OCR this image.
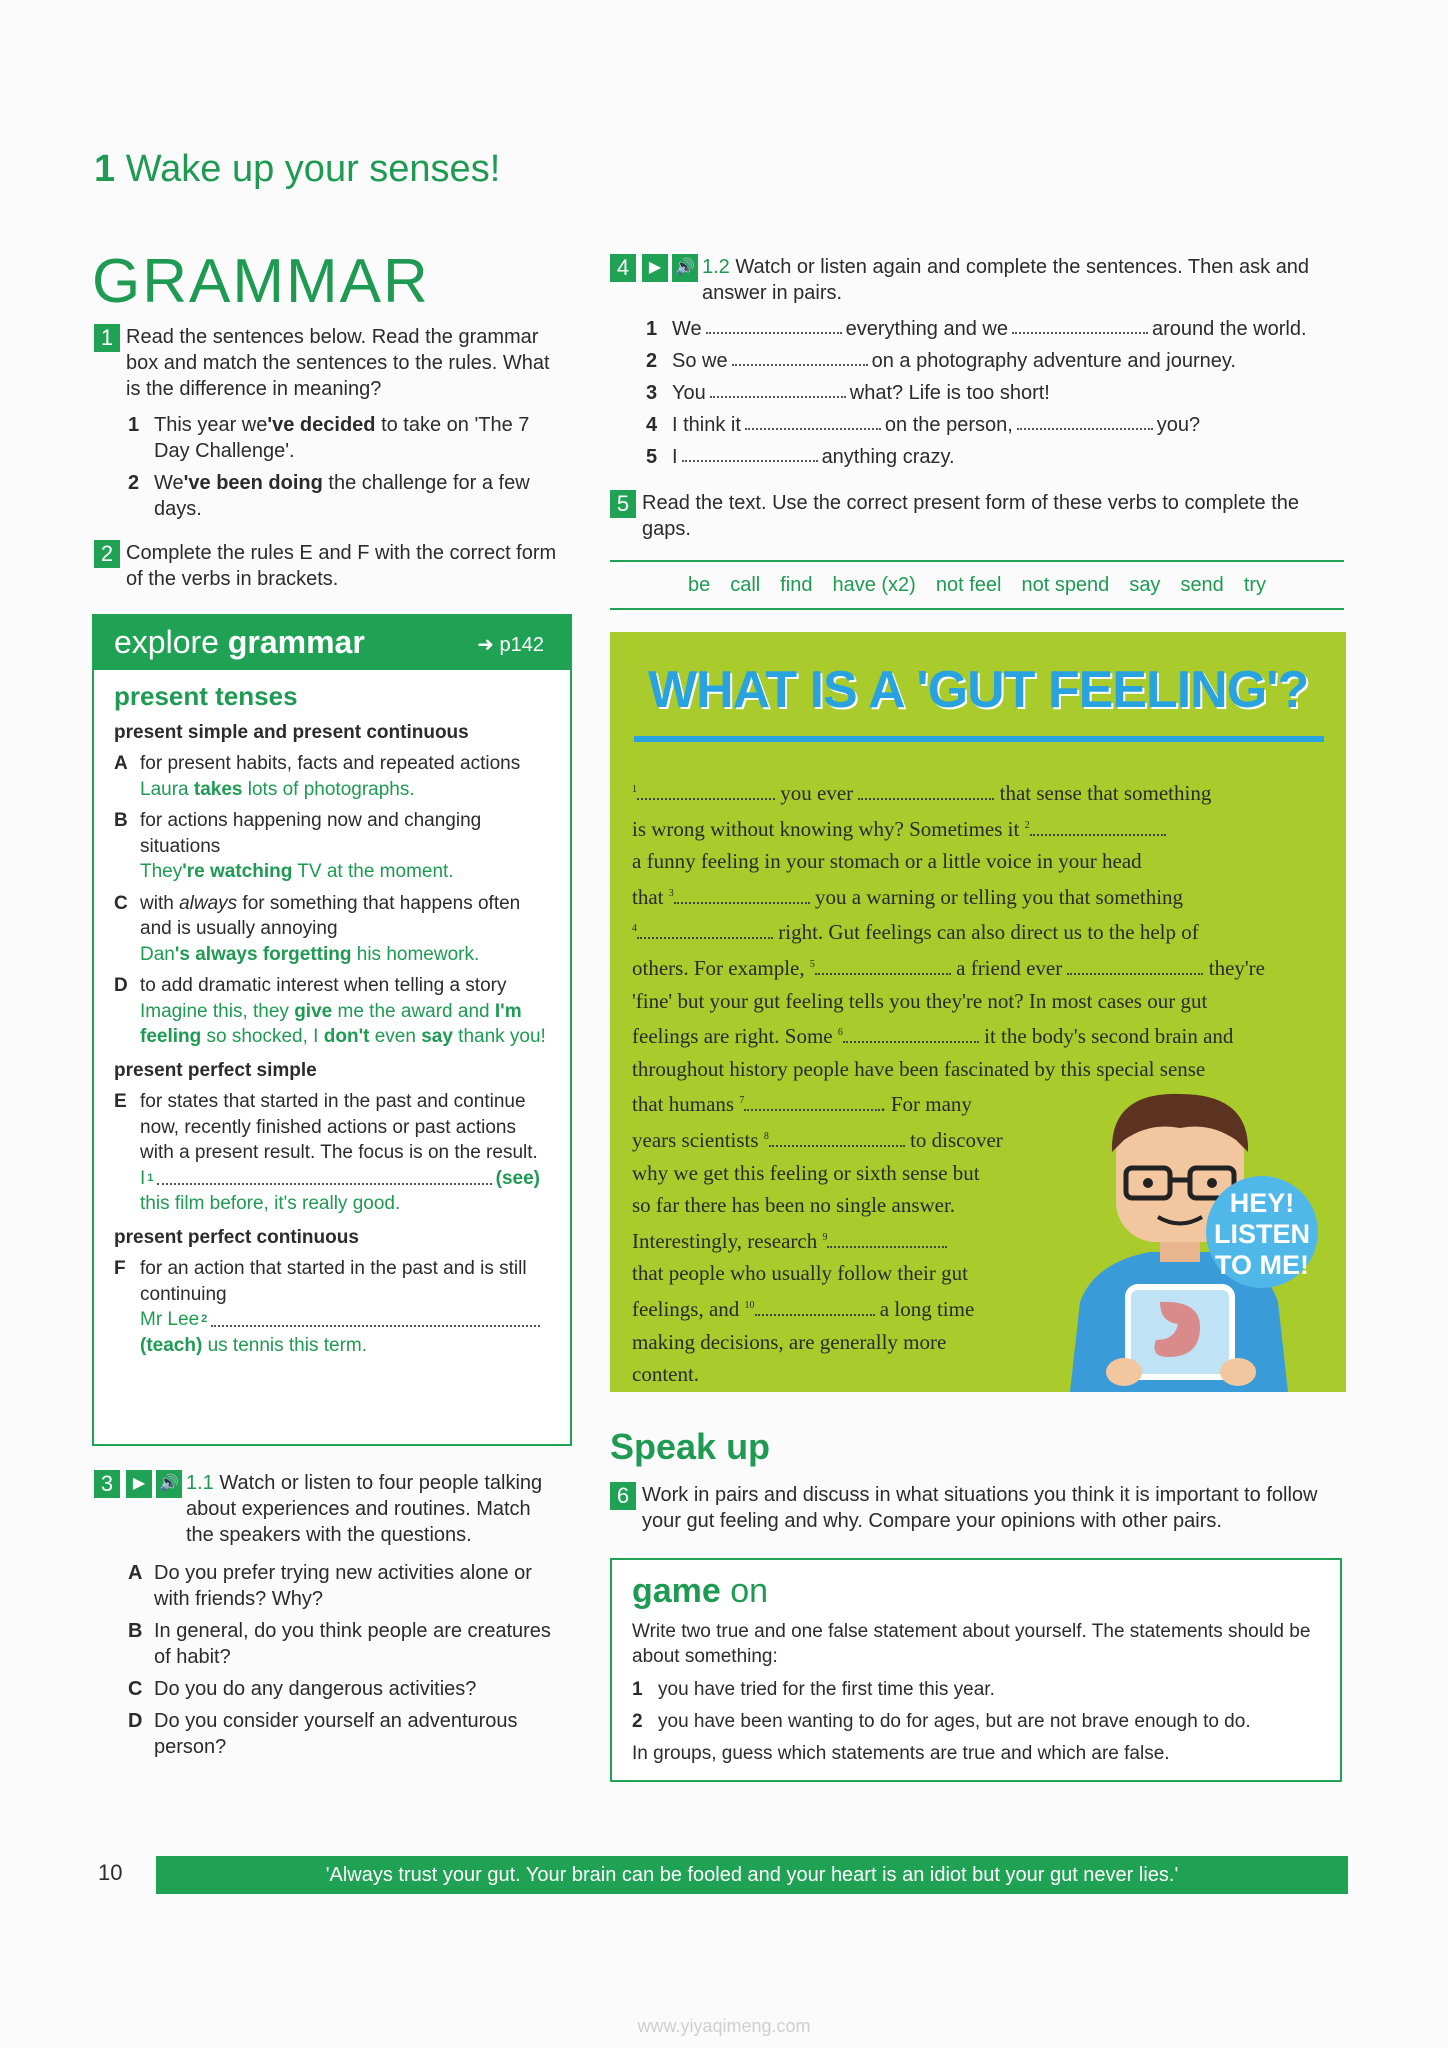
1 Wake up your senses!
GRAMMAR
1 Read the sentences below. Read the grammar box and match the sentences to the rules. What is the difference in meaning?
1 This year we've decided to take on 'The 7 Day Challenge'.
2 We've been doing the challenge for a few days.
2 Complete the rules E and F with the correct form of the verbs in brackets.
explore grammar	➜ p142
present tenses
present simple and present continuous
A for present habits, facts and repeated actions
Laura takes lots of photographs.
B for actions happening now and changing situations
They're watching TV at the moment.
C with always for something that happens often and is usually annoying
Dan's always forgetting his homework.
D to add dramatic interest when telling a story
Imagine this, they give me the award and I'm feeling so shocked, I don't even say thank you!
present perfect simple
E for states that started in the past and continue now, recently finished actions or past actions with a present result. The focus is on the result.
I 1	(see)
this film before, it's really good.
present perfect continuous
F for an action that started in the past and is still continuing
Mr Lee 2
(teach) us tennis this term.
3	▶ 🔊 1.1 Watch or listen to four people talking about experiences and routines. Match the speakers with the questions.
A Do you prefer trying new activities alone or with friends? Why?
B In general, do you think people are creatures of habit?
C Do you do any dangerous activities?
D Do you consider yourself an adventurous person?
4	▶ 🔊 1.2 Watch or listen again and complete the sentences. Then ask and answer in pairs.
1 We	everything and we	around the world.
2 So we	on a photography adventure and journey.
3 You	what? Life is too short!
4 I think it	on the person,	you?
5 I	anything crazy.
5 Read the text. Use the correct present form of these verbs to complete the gaps.
be call find have (x2) not feel not spend say send try
WHAT IS A 'GUT FEELING'?
$^1$	you ever	that sense that something
is wrong without knowing why? Sometimes it $^2$
a funny feeling in your stomach or a little voice in your head
that $^3$	you a warning or telling you that something
$^4$	right. Gut feelings can also direct us to the help of
others. For example, $^5$	a friend ever	they're
'fine' but your gut feeling tells you they're not? In most cases our gut
feelings are right. Some $^6$	it the body's second brain and
throughout history people have been fascinated by this special sense
that humans $^7$	. For many
years scientists $^8$	to discover
why we get this feeling or sixth sense but
so far there has been no single answer.
Interestingly, research $^9$
that people who usually follow their gut
feelings, and $^{10}$	a long time
making decisions, are generally more
content.
HEY!
LISTEN
TO ME!
Speak up
6 Work in pairs and discuss in what situations you think it is important to follow your gut feeling and why. Compare your opinions with other pairs.
game on
Write two true and one false statement about yourself. The statements should be about something:
1 you have tried for the first time this year.
2 you have been wanting to do for ages, but are not brave enough to do.
In groups, guess which statements are true and which are false.
10	'Always trust your gut. Your brain can be fooled and your heart is an idiot but your gut never lies.'
www.yiyaqimeng.com
